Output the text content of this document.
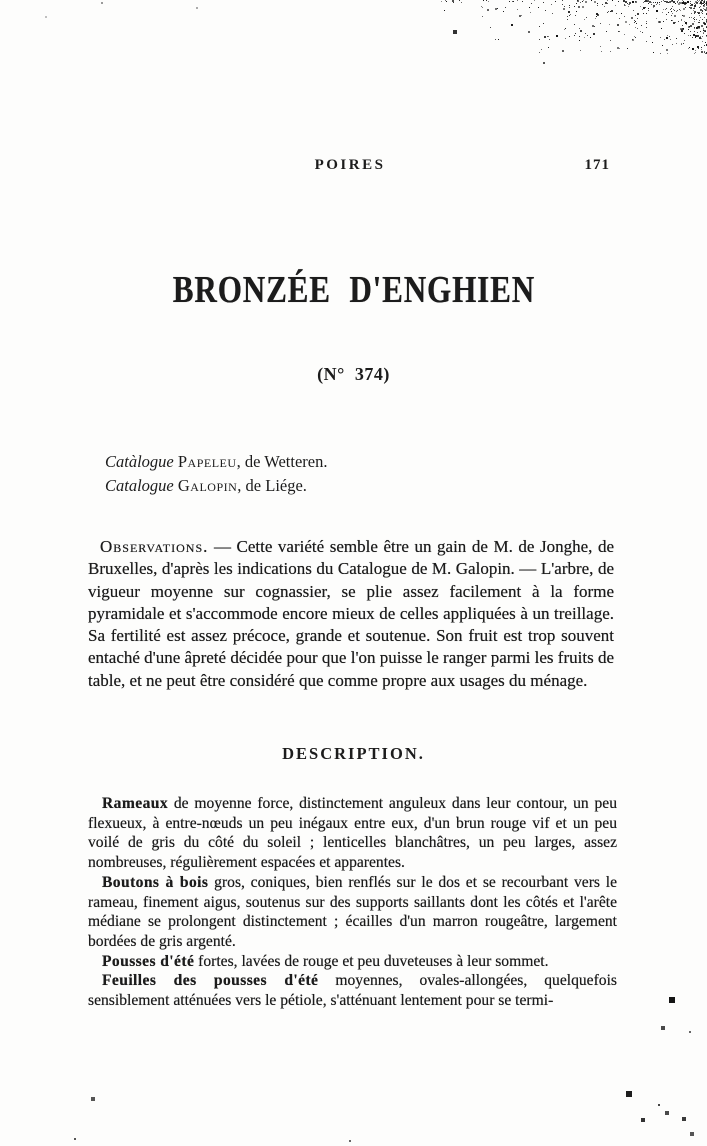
POIRES	171
BRONZÉE D'ENGHIEN
(N° 374)
Catàlogue Papeleu, de Wetteren.
Catalogue Galopin, de Liége.

Observations. — Cette variété semble être un gain de M. de Jonghe, de Bruxelles, d'après les indications du Catalogue de M. Galopin. — L'arbre, de vigueur moyenne sur cognassier, se plie assez facilement à la forme pyramidale et s'accommode encore mieux de celles appliquées à un treillage. Sa fertilité est assez précoce, grande et soutenue. Son fruit est trop souvent entaché d'une âpreté décidée pour que l'on puisse le ranger parmi les fruits de table, et ne peut être considéré que comme propre aux usages du ménage.

DESCRIPTION.

Rameaux de moyenne force, distinctement anguleux dans leur contour, un peu flexueux, à entre-nœuds un peu inégaux entre eux, d'un brun rouge vif et un peu voilé de gris du côté du soleil ; lenticelles blanchâtres, un peu larges, assez nombreuses, régulièrement espacées et apparentes.

Boutons à bois gros, coniques, bien renflés sur le dos et se recourbant vers le rameau, finement aigus, soutenus sur des supports saillants dont les côtés et l'arête médiane se prolongent distinctement ; écailles d'un marron rougeâtre, largement bordées de gris argenté.

Pousses d'été fortes, lavées de rouge et peu duveteuses à leur sommet.

Feuilles des pousses d'été moyennes, ovales-allongées, quelquefois sensiblement atténuées vers le pétiole, s'atténuant lentement pour se termi-
